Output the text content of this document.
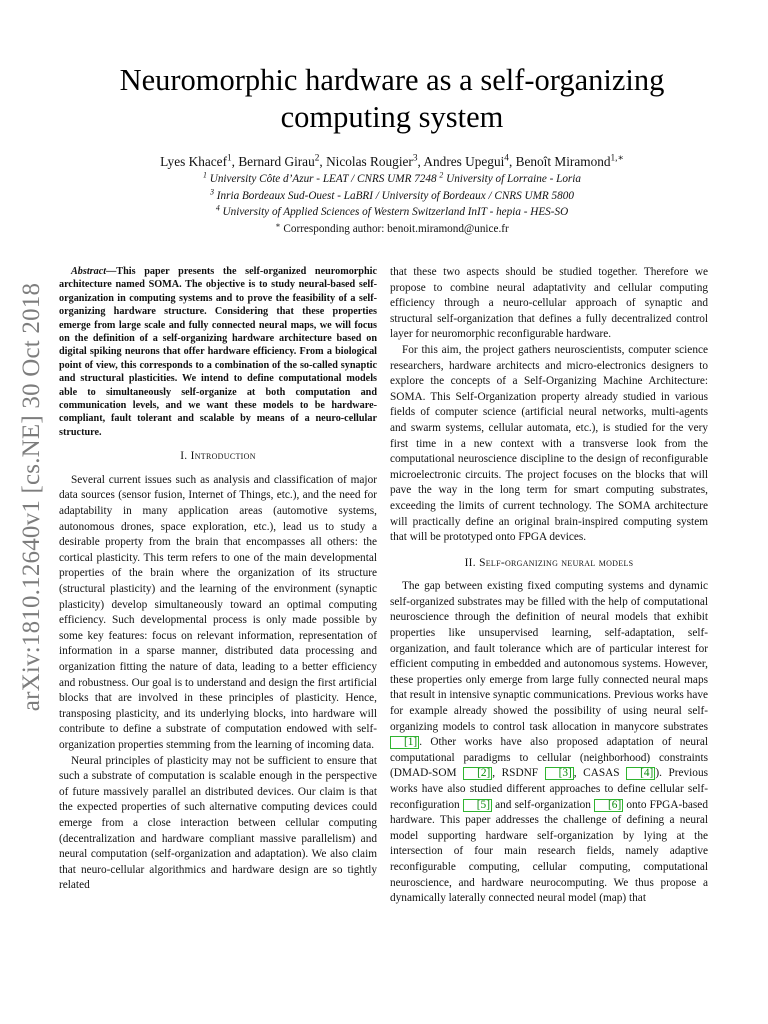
arXiv:1810.12640v1 [cs.NE] 30 Oct 2018
Neuromorphic hardware as a self-organizing
computing system
Lyes Khacef$^1$, Bernard Girau$^2$, Nicolas Rougier$^3$, Andres Upegui$^4$, Benoît Miramond$^{1,∗}$
$^1$ University Côte d’Azur - LEAT / CNRS UMR 7248 $^2$ University of Lorraine - Loria
$^3$ Inria Bordeaux Sud-Ouest - LaBRI / University of Bordeaux / CNRS UMR 5800
$^4$ University of Applied Sciences of Western Switzerland InIT - hepia - HES-SO
∗ Corresponding author: benoit.miramond@unice.fr

Abstract—This paper presents the self-organized neuromorphic architecture named SOMA. The objective is to study neural-based self-organization in computing systems and to prove the feasibility of a self-organizing hardware structure. Considering that these properties emerge from large scale and fully connected neural maps, we will focus on the definition of a self-organizing hardware architecture based on digital spiking neurons that offer hardware efficiency. From a biological point of view, this corresponds to a combination of the so-called synaptic and structural plasticities. We intend to define computational models able to simultaneously self-organize at both computation and communication levels, and we want these models to be hardware-compliant, fault tolerant and scalable by means of a neuro-cellular structure.

I. Introduction

Several current issues such as analysis and classification of major data sources (sensor fusion, Internet of Things, etc.), and the need for adaptability in many application areas (automotive systems, autonomous drones, space exploration, etc.), lead us to study a desirable property from the brain that encompasses all others: the cortical plasticity. This term refers to one of the main developmental properties of the brain where the organization of its structure (structural plasticity) and the learning of the environment (synaptic plasticity) develop simultaneously toward an optimal computing efficiency. Such developmental process is only made possible by some key features: focus on relevant information, representation of information in a sparse manner, distributed data processing and organization fitting the nature of data, leading to a better efficiency and robustness. Our goal is to understand and design the first artificial blocks that are involved in these principles of plasticity. Hence, transposing plasticity, and its underlying blocks, into hardware will contribute to define a substrate of computation endowed with self-organization properties stemming from the learning of incoming data.

Neural principles of plasticity may not be sufficient to ensure that such a substrate of computation is scalable enough in the perspective of future massively parallel an distributed devices. Our claim is that the expected properties of such alternative computing devices could emerge from a close interaction between cellular computing (decentralization and hardware compliant massive parallelism) and neural computation (self-organization and adaptation). We also claim that neuro-cellular algorithmics and hardware design are so tightly related

that these two aspects should be studied together. Therefore we propose to combine neural adaptativity and cellular computing efficiency through a neuro-cellular approach of synaptic and structural self-organization that defines a fully decentralized control layer for neuromorphic reconfigurable hardware.

For this aim, the project gathers neuroscientists, computer science researchers, hardware architects and micro-electronics designers to explore the concepts of a Self-Organizing Machine Architecture: SOMA. This Self-Organization property already studied in various fields of computer science (artificial neural networks, multi-agents and swarm systems, cellular automata, etc.), is studied for the very first time in a new context with a transverse look from the computational neuroscience discipline to the design of reconfigurable microelectronic circuits. The project focuses on the blocks that will pave the way in the long term for smart computing substrates, exceeding the limits of current technology. The SOMA architecture will practically define an original brain-inspired computing system that will be prototyped onto FPGA devices.

II. Self-organizing neural models

The gap between existing fixed computing systems and dynamic self-organized substrates may be filled with the help of computational neuroscience through the definition of neural models that exhibit properties like unsupervised learning, self-adaptation, self-organization, and fault tolerance which are of particular interest for efficient computing in embedded and autonomous systems. However, these properties only emerge from large fully connected neural maps that result in intensive synaptic communications. Previous works have for example already showed the possibility of using neural self-organizing models to control task allocation in manycore substrates [1] . Other works have also proposed adaptation of neural computational paradigms to cellular (neighborhood) constraints (DMAD-SOM [2] , RSDNF [3] , CASAS [4] ). Previous works have also studied different approaches to define cellular self-reconfiguration [5] and self-organization [6] onto FPGA-based hardware. This paper addresses the challenge of defining a neural model supporting hardware self-organization by lying at the intersection of four main research fields, namely adaptive reconfigurable computing, cellular computing, computational neuroscience, and hardware neurocomputing. We thus propose a dynamically laterally connected neural model (map) that
